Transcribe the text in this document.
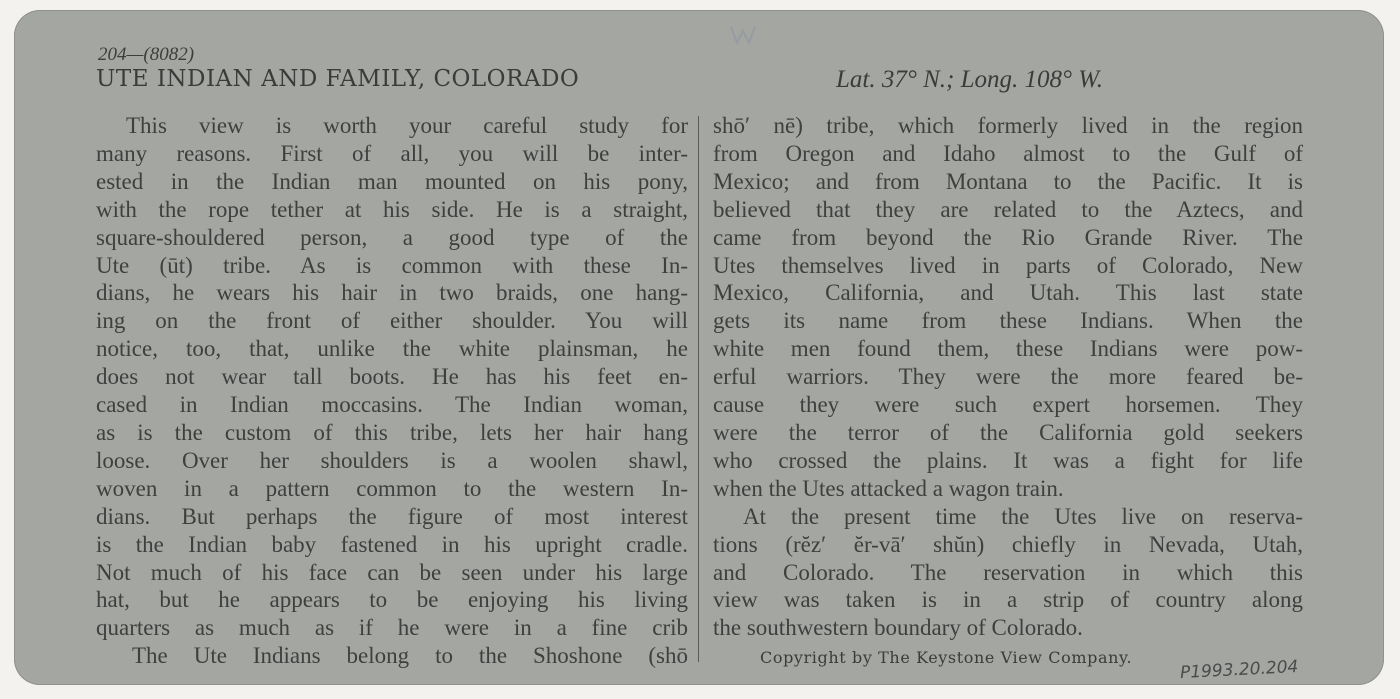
204—(8082)
UTE INDIAN AND FAMILY, COLORADO	Lat. 37° N.; Long. 108° W.
This view is worth your careful study for
many reasons. First of all, you will be inter-
ested in the Indian man mounted on his pony,
with the rope tether at his side. He is a straight,
square-shouldered person, a good type of the
Ute (ūt) tribe. As is common with these In-
dians, he wears his hair in two braids, one hang-
ing on the front of either shoulder. You will
notice, too, that, unlike the white plainsman, he
does not wear tall boots. He has his feet en-
cased in Indian moccasins. The Indian woman,
as is the custom of this tribe, lets her hair hang
loose. Over her shoulders is a woolen shawl,
woven in a pattern common to the western In-
dians. But perhaps the figure of most interest
is the Indian baby fastened in his upright cradle.
Not much of his face can be seen under his large
hat, but he appears to be enjoying his living
quarters as much as if he were in a fine crib
The Ute Indians belong to the Shoshone (shō
shō′ nē) tribe, which formerly lived in the region
from Oregon and Idaho almost to the Gulf of
Mexico; and from Montana to the Pacific. It is
believed that they are related to the Aztecs, and
came from beyond the Rio Grande River. The
Utes themselves lived in parts of Colorado, New
Mexico, California, and Utah. This last state
gets its name from these Indians. When the
white men found them, these Indians were pow-
erful warriors. They were the more feared be-
cause they were such expert horsemen. They
were the terror of the California gold seekers
who crossed the plains. It was a fight for life
when the Utes attacked a wagon train.
At the present time the Utes live on reserva-
tions (rĕz′ ĕr-vā′ shŭn) chiefly in Nevada, Utah,
and Colorado. The reservation in which this
view was taken is in a strip of country along
the southwestern boundary of Colorado.
Copyright by The Keystone View Company.	P1993.20.204
